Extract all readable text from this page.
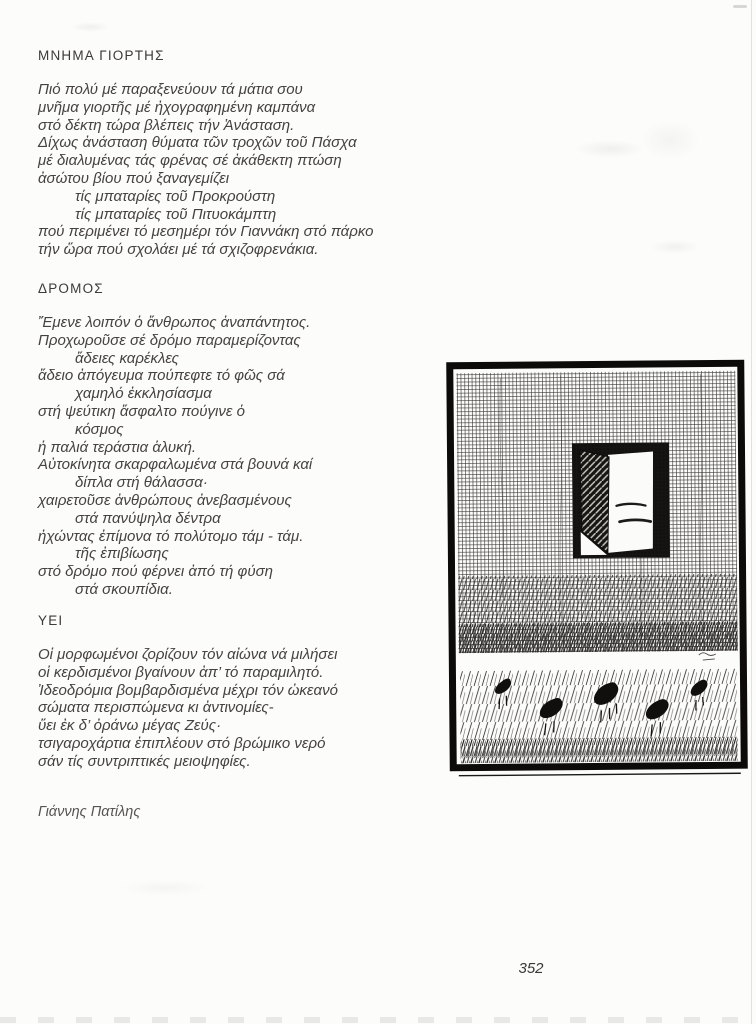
ΜΝΗΜΑ ΓΙΟΡΤΗΣ
Πιό πολύ μέ παραξενεύουν τά μάτια σου
μνῆμα γιορτῆς μέ ἠχογραφημένη καμπάνα
στό δέκτη τώρα βλέπεις τήν Ἀνάσταση.
Δίχως ἀνάσταση θύματα τῶν τροχῶν τοῦ Πάσχα
μέ διαλυμένας τάς φρένας σέ ἀκάθεκτη πτώση
ἀσώτου βίου πού ξαναγεμίζει
τίς μπαταρίες τοῦ Προκρούστη
τίς μπαταρίες τοῦ Πιτυοκάμπτη
πού περιμένει τό μεσημέρι τόν Γιαννάκη στό πάρκο
τήν ὥρα πού σχολάει μέ τά σχιζοφρενάκια.
ΔΡΟΜΟΣ
Ἔμενε λοιπόν ὁ ἄνθρωπος ἀναπάντητος.
Προχωροῦσε σέ δρόμο παραμερίζοντας
ἄδειες καρέκλες
ἄδειο ἀπόγευμα πούπεφτε τό φῶς σά
χαμηλό ἐκκλησίασμα
στή ψεύτικη ἄσφαλτο πούγινε ὁ
κόσμος
ἡ παλιά τεράστια ἁλυκή.
Αὐτοκίνητα σκαρφαλωμένα στά βουνά καί
δίπλα στή θάλασσα·
χαιρετοῦσε ἀνθρώπους ἀνεβασμένους
στά πανύψηλα δέντρα
ἠχώντας ἐπίμονα τό πολύτομο τάμ - τάμ.
τῆς ἐπιβίωσης
στό δρόμο πού φέρνει ἀπό τή φύση
στά σκουπίδια.
ΥΕΙ
Οἱ μορφωμένοι ζορίζουν τόν αἰώνα νά μιλήσει
οἱ κερδισμένοι βγαίνουν ἀπ’ τό παραμιλητό.
Ἰδεοδρόμια βομβαρδισμένα μέχρι τόν ὠκεανό
σώματα περισπώμενα κι ἀντινομίες-
ὕει ἐκ δ’ ὀράνω μέγας Ζεύς·
τσιγαροχάρτια ἐπιπλέουν στό βρώμικο νερό
σάν τίς συντριπτικές μειοψηφίες.
Γιάννης Πατίλης
352
